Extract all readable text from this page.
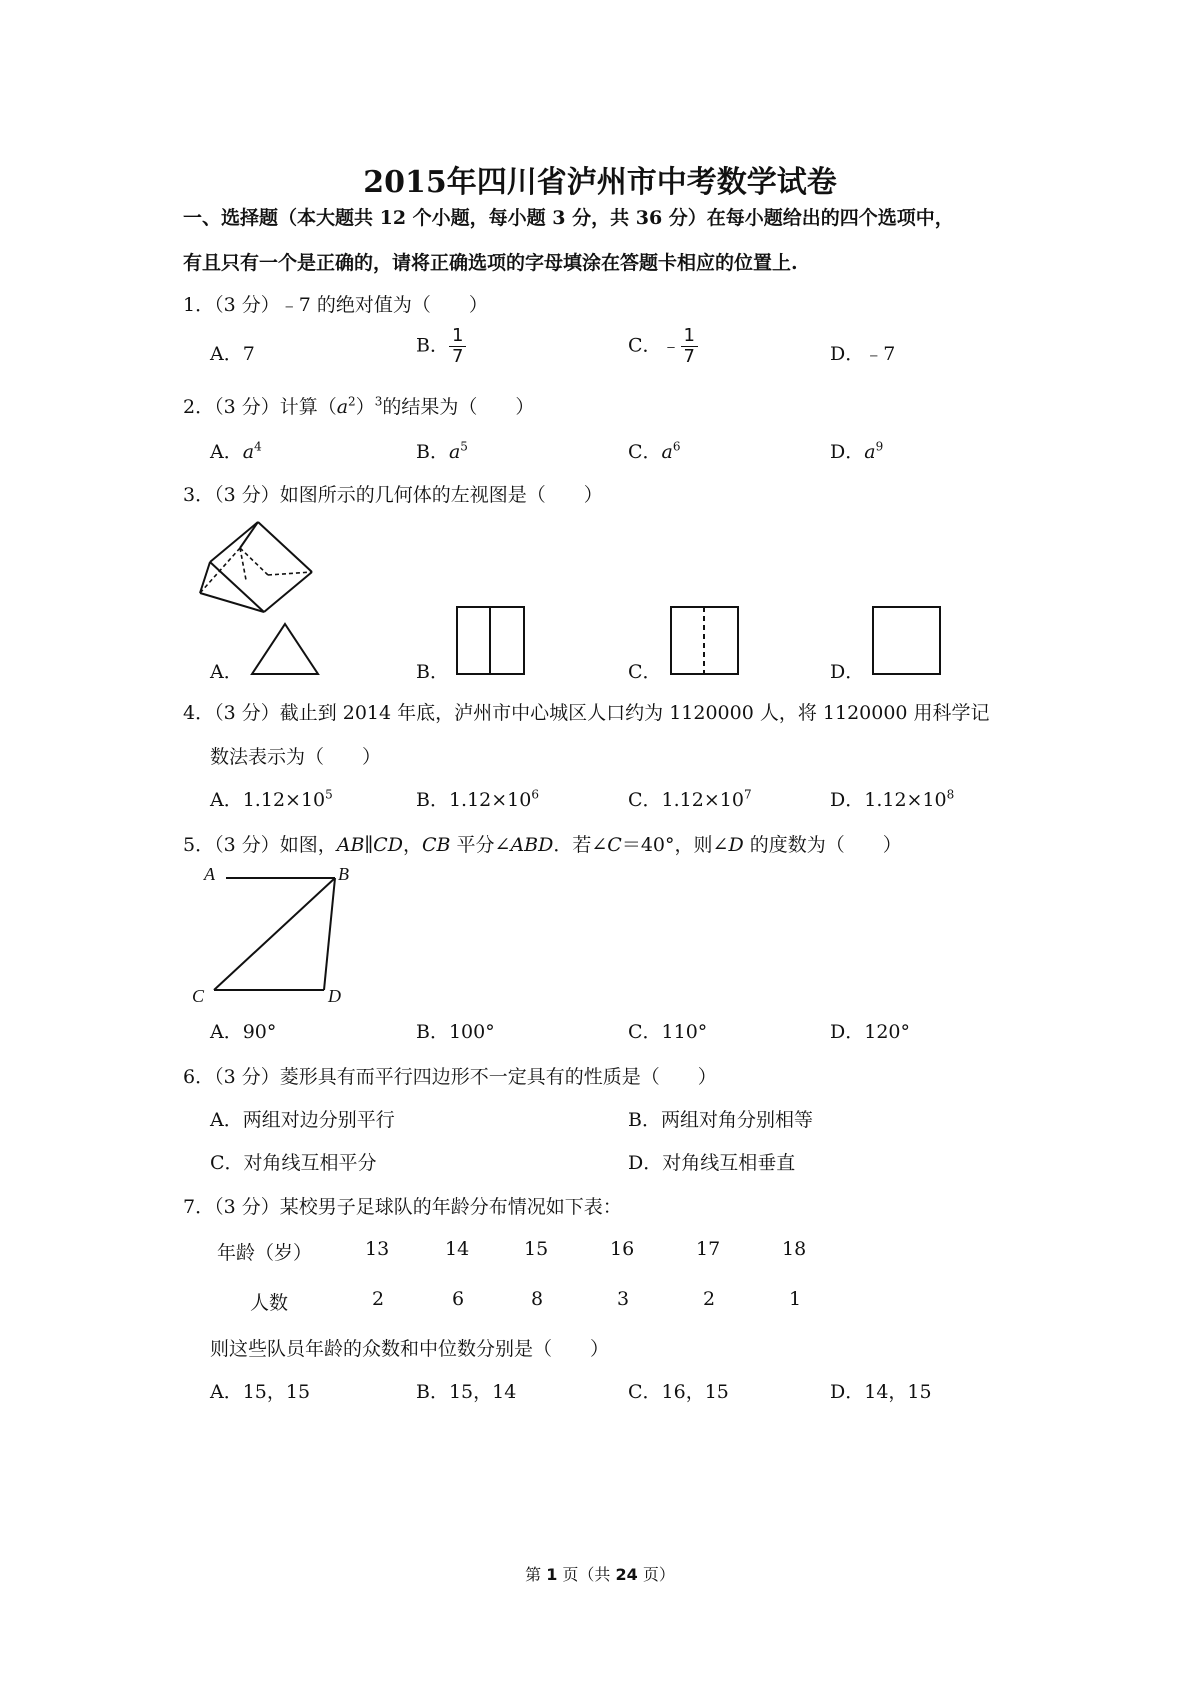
2015年四川省泸州市中考数学试卷
一、选择题（本大题共 12 个小题，每小题 3 分，共 36 分）在每小题给出的四个选项中，
有且只有一个是正确的，请将正确选项的字母填涂在答题卡相应的位置上.
1．（3 分）﹣7 的绝对值为（　　）
A．7	B． $\frac{1}{7}$	C．﹣ $\frac{1}{7}$	D．﹣7
2．（3 分）计算$(a^2)^3$的结果为（　　）
A．$a^4$	B．$a^5$	C．$a^6$	D．$a^9$
3．（3 分）如图所示的几何体的左视图是（　　）
A．	B．	C．	D．
4．（3 分）截止到 2014 年底，泸州市中心城区人口约为 1120000 人，将 1120000 用科学记
数法表示为（　　）
A．$1.12\times 10^5$	B．$1.12\times 10^6$	C．$1.12\times 10^7$	D．$1.12\times 10^8$
5．（3 分）如图，AB∥CD，CB 平分∠ABD．若∠C＝40°，则∠D 的度数为（　　）
A	B
C	D
A．90°	B．100°	C．110°	D．120°
6．（3 分）菱形具有而平行四边形不一定具有的性质是（　　）
A．两组对边分别平行	B．两组对角分别相等
C．对角线互相平分	D．对角线互相垂直
7．（3 分）某校男子足球队的年龄分布情况如下表：
年龄（岁）	13	14	15	16	17	18
人数	2	6	8	3	2	1
则这些队员年龄的众数和中位数分别是（　　）
A．15，15	B．15，14	C．16，15	D．14，15
第 1 页（共 24 页）
